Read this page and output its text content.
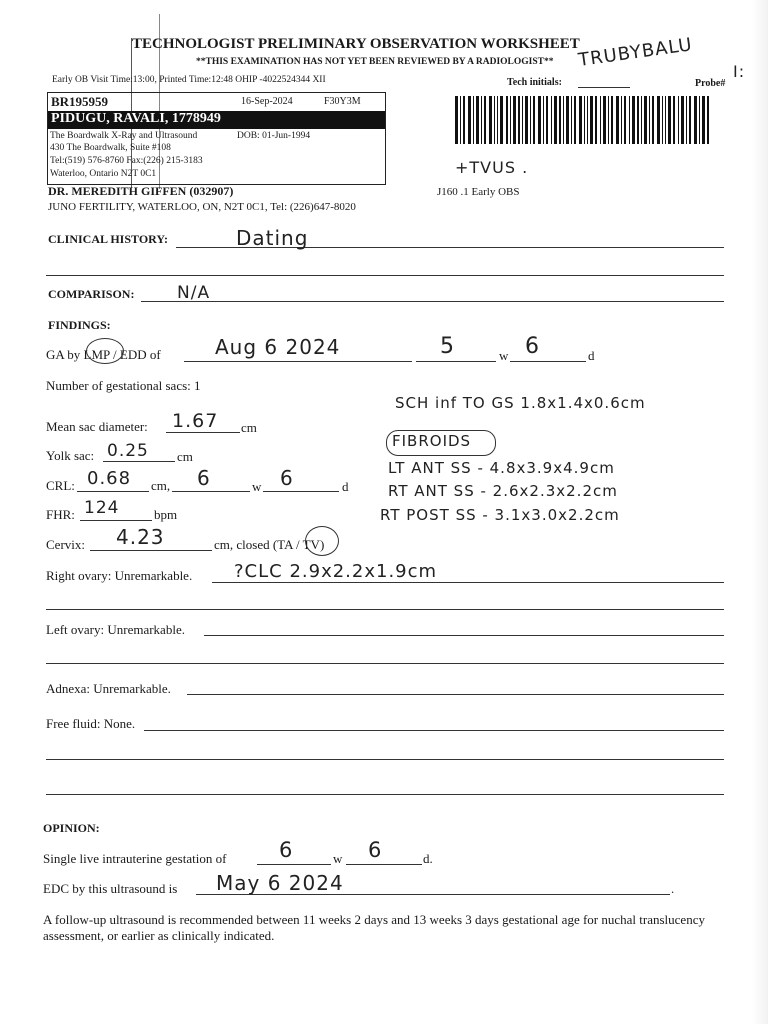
TECHNOLOGIST PRELIMINARY OBSERVATION WORKSHEET
**THIS EXAMINATION HAS NOT YET BEEN REVIEWED BY A RADIOLOGIST**
Early OB Visit Time:13:00, Printed Time:12:48 OHIP -4022524344 XII	Tech initials:
TRUBYBALU
Probe#
I:
BR195959	16-Sep-2024	F30Y3M
PIDUGU, RAVALI, 1778949
The Boardwalk X-Ray and Ultrasound	DOB: 01-Jun-1994
430 The Boardwalk, Suite #108
Tel:(519) 576-8760 Fax:(226) 215-3183
Waterloo, Ontario N2T 0C1	+TVUS .
J160 .1 Early OBS
DR. MEREDITH GIFFEN (032907)
JUNO FERTILITY, WATERLOO, ON, N2T 0C1, Tel: (226)647-8020
CLINICAL HISTORY:	Dating
COMPARISON:	N/A
FINDINGS:
GA by LMP / EDD of	Aug 6 2024	5	w 6	d
Number of gestational sacs: 1
SCH inf TO GS 1.8x1.4x0.6cm
Mean sac diameter: 1.67 cm
FIBROIDS
Yolk sac: 0.25 cm
LT ANT SS - 4.8x3.9x4.9cm
CRL: 0.68 cm, 6	w 6	d	RT ANT SS - 2.6x2.3x2.2cm
FHR: 124	bpm	RT POST SS - 3.1x3.0x2.2cm
Cervix: 4.23	cm, closed (TA / TV)
Right ovary: Unremarkable. ?CLC 2.9x2.2x1.9cm
Left ovary: Unremarkable.
Adnexa: Unremarkable.
Free fluid: None.
OPINION:
Single live intrauterine gestation of	6	w 6	d.
EDC by this ultrasound is May 6 2024	.
A follow-up ultrasound is recommended between 11 weeks 2 days and 13 weeks 3 days gestational age for nuchal translucency assessment, or earlier as clinically indicated.
